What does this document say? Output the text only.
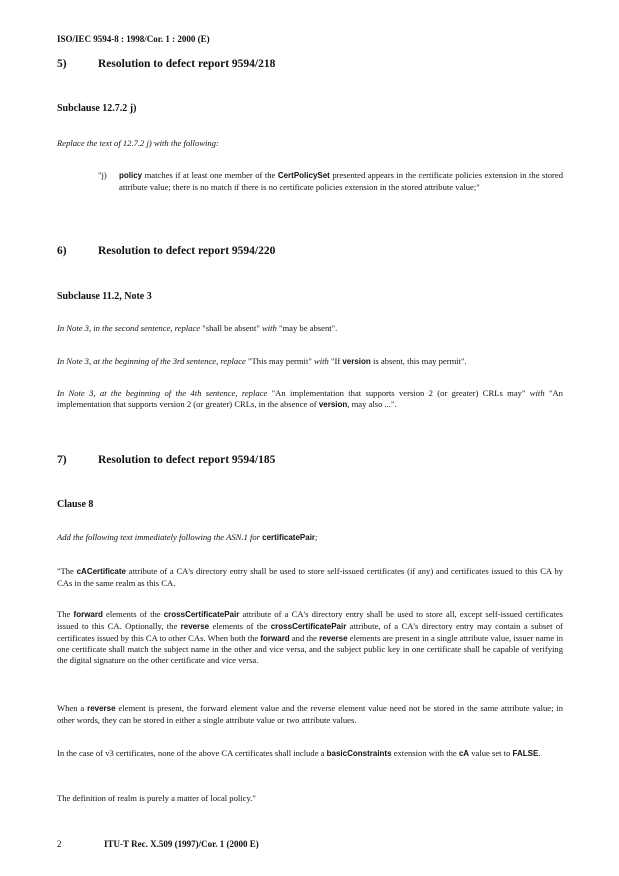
ISO/IEC 9594-8 : 1998/Cor. 1 : 2000 (E)
5)	Resolution to defect report 9594/218
Subclause 12.7.2 j)
Replace the text of 12.7.2 j) with the following:
"j) policy matches if at least one member of the CertPolicySet presented appears in the certificate policies extension in the stored attribute value; there is no match if there is no certificate policies extension in the stored attribute value;"
6)	Resolution to defect report 9594/220
Subclause 11.2, Note 3
In Note 3, in the second sentence, replace "shall be absent" with "may be absent".
In Note 3, at the beginning of the 3rd sentence, replace "This may permit" with "If version is absent, this may permit".
In Note 3, at the beginning of the 4th sentence, replace "An implementation that supports version 2 (or greater) CRLs may" with "An implementation that supports version 2 (or greater) CRLs, in the absence of version, may also ...".
7)	Resolution to defect report 9594/185
Clause 8
Add the following text immediately following the ASN.1 for certificatePair;
"The cACertificate attribute of a CA's directory entry shall be used to store self-issued certificates (if any) and certificates issued to this CA by CAs in the same realm as this CA.
The forward elements of the crossCertificatePair attribute of a CA's directory entry shall be used to store all, except self-issued certificates issued to this CA. Optionally, the reverse elements of the crossCertificatePair attribute, of a CA's directory entry may contain a subset of certificates issued by this CA to other CAs. When both the forward and the reverse elements are present in a single attribute value, issuer name in one certificate shall match the subject name in the other and vice versa, and the subject public key in one certificate shall be capable of verifying the digital signature on the other certificate and vice versa.
When a reverse element is present, the forward element value and the reverse element value need not be stored in the same attribute value; in other words, they can be stored in either a single attribute value or two attribute values.
In the case of v3 certificates, none of the above CA certificates shall include a basicConstraints extension with the cA value set to FALSE.
The definition of realm is purely a matter of local policy."
2	ITU-T Rec. X.509 (1997)/Cor. 1 (2000 E)
